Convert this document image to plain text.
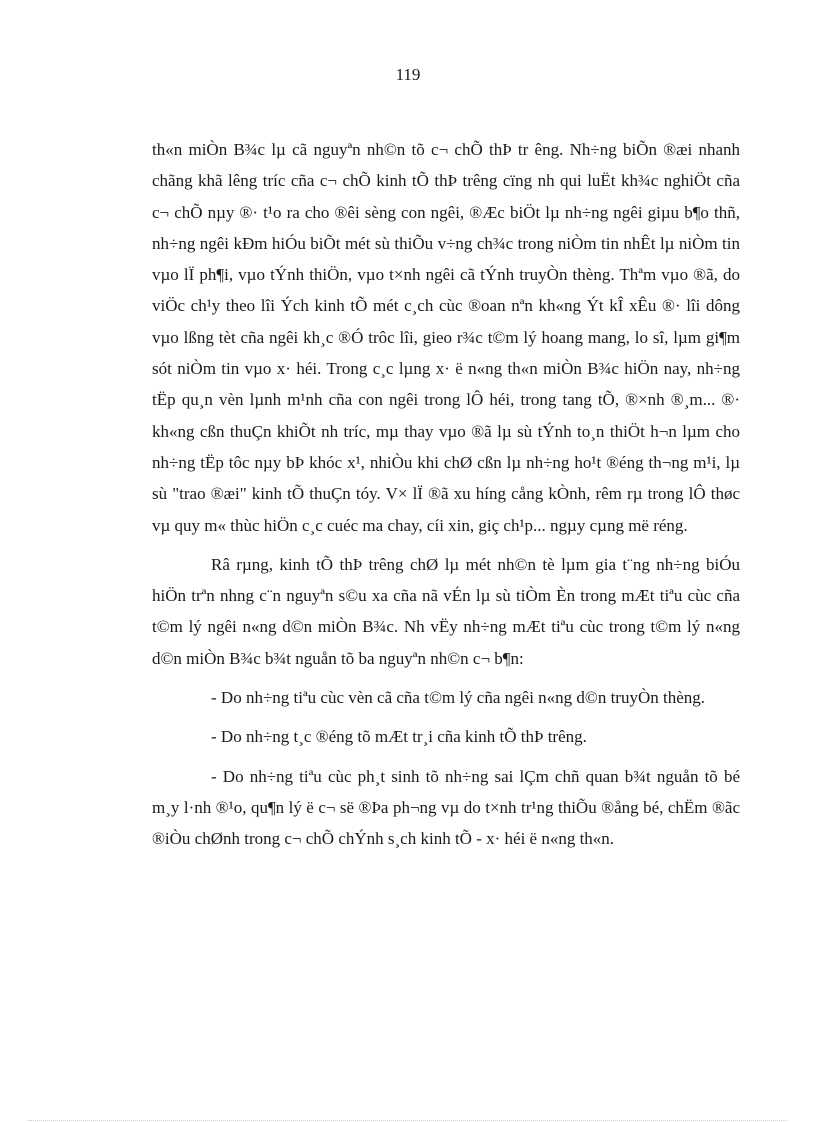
119

th«n miÒn B¾c lµ cã nguyªn nh©n tõ c¬ chÕ thÞ tr êng. Nh÷ng biÕn ®æi nhanh chãng khã lêng tríc cña c¬ chÕ kinh tÕ thÞ trêng cïng nh qui luËt kh¾c nghiÖt cña c¬ chÕ nµy ®· t¹o ra cho ®êi sèng con ngêi, ®Æc biÖt lµ nh÷ng ngêi giµu b¶o thñ, nh÷ng ngêi kÐm hiÓu biÕt mét sù thiÕu v÷ng ch¾c trong niÒm tin nhÊt lµ niÒm tin vµo lÏ ph¶i, vµo tÝnh thiÖn, vµo t×nh ngêi cã tÝnh truyÒn thèng. Thªm vµo ®ã, do viÖc ch¹y theo lîi Ých kinh tÕ mét c¸ch cùc ®oan nªn kh«ng Ýt kÎ xÊu ®· lîi dông vµo lßng tèt cña ngêi kh¸c ®Ó trôc lîi, gieo r¾c t©m lý hoang mang, lo sî, lµm gi¶m sót niÒm tin vµo x· héi. Trong c¸c lµng x· ë n«ng th«n miÒn B¾c hiÖn nay, nh÷ng tËp qu¸n vèn lµnh m¹nh cña con ngêi trong lÔ héi, trong tang tÕ, ®×nh ®¸m... ®· kh«ng cßn thuÇn khiÕt nh tríc, mµ thay vµo ®ã lµ sù tÝnh to¸n thiÖt h¬n lµm cho nh÷ng tËp tôc nµy bÞ khóc x¹, nhiÒu khi chØ cßn lµ nh÷ng ho¹t ®éng th¬ng m¹i, lµ sù "trao ®æi" kinh tÕ thuÇn tóy. V× lÏ ®ã xu híng cång kÒnh, rêm rµ trong lÔ thøc vµ quy m« thùc hiÖn c¸c cuéc ma chay, cíi xin, giç ch¹p... ngµy cµng më réng.

Râ rµng, kinh tÕ thÞ trêng chØ lµ mét nh©n tè lµm gia t¨ng nh÷ng biÓu hiÖn trªn nhng c¨n nguyªn s©u xa cña nã vÉn lµ sù tiÒm Èn trong mÆt tiªu cùc cña t©m lý ngêi n«ng d©n miÒn B¾c. Nh vËy nh÷ng mÆt tiªu cùc trong t©m lý n«ng d©n miÒn B¾c b¾t nguån tõ ba nguyªn nh©n c¬ b¶n:

- Do nh÷ng tiªu cùc vèn cã cña t©m lý cña ngêi n«ng d©n truyÒn thèng.

- Do nh÷ng t¸c ®éng tõ mÆt tr¸i cña kinh tÕ thÞ trêng.

- Do nh÷ng tiªu cùc ph¸t sinh tõ nh÷ng sai lÇm chñ quan b¾t nguån tõ bé m¸y l·nh ®¹o, qu¶n lý ë c¬ së ®Þa ph¬ng vµ do t×nh tr¹ng thiÕu ®ång bé, chËm ®ãc ®iÒu chØnh trong c¬ chÕ chÝnh s¸ch kinh tÕ - x· héi ë n«ng th«n.
